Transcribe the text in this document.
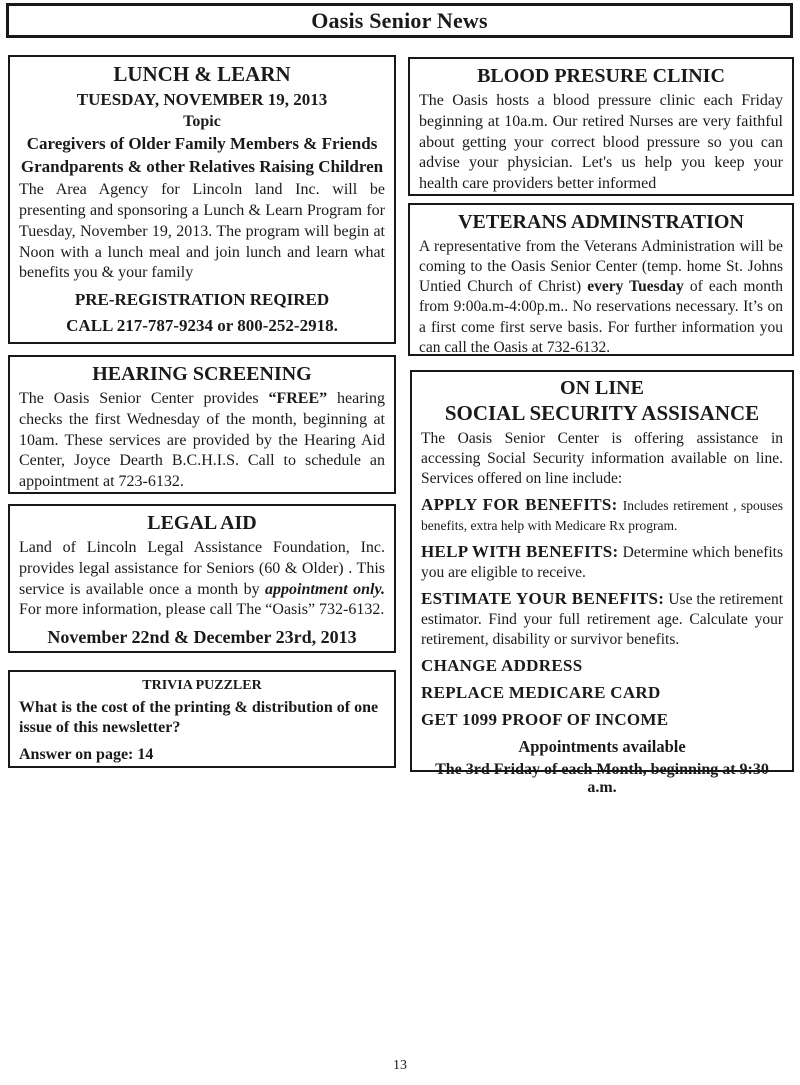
Oasis Senior News
LUNCH & LEARN
TUESDAY, NOVEMBER 19, 2013
Topic
Caregivers of Older Family Members & Friends
Grandparents & other Relatives Raising Children
The Area Agency for Lincoln land Inc. will be presenting and sponsoring a Lunch & Learn Program for Tuesday, November 19, 2013. The program will begin at Noon with a lunch meal and join lunch and learn what benefits you & your family
PRE-REGISTRATION REQIRED
CALL 217-787-9234 or 800-252-2918.
HEARING SCREENING
The Oasis Senior Center provides “FREE” hearing checks the first Wednesday of the month, beginning at 10am. These services are provided by the Hearing Aid Center, Joyce Dearth B.C.H.I.S. Call to schedule an appointment at 723-6132.
LEGAL AID
Land of Lincoln Legal Assistance Foundation, Inc. provides legal assistance for Seniors (60 & Older) . This service is available once a month by appointment only. For more information, please call The “Oasis” 732-6132.
November 22nd & December 23rd, 2013
TRIVIA PUZZLER
What is the cost of the printing & distribution of one issue of this newsletter?
Answer on page: 14
BLOOD PRESURE CLINIC
The Oasis hosts a blood pressure clinic each Friday beginning at 10a.m. Our retired Nurses are very faithful about getting your correct blood pressure so you can advise your physician. Let's us help you keep your health care providers better informed
VETERANS ADMINSTRATION
A representative from the Veterans Administration will be coming to the Oasis Senior Center (temp. home St. Johns Untied Church of Christ) every Tuesday of each month from 9:00a.m-4:00p.m.. No reservations necessary. It’s on a first come first serve basis. For further information you can call the Oasis at 732-6132.
ON LINE
SOCIAL SECURITY ASSISANCE
The Oasis Senior Center is offering assistance in accessing Social Security information available on line. Services offered on line include:
APPLY FOR BENEFITS: Includes retirement , spouses benefits, extra help with Medicare Rx program.
HELP WITH BENEFITS: Determine which benefits you are eligible to receive.
ESTIMATE YOUR BENEFITS: Use the retirement estimator. Find your full retirement age. Calculate your retirement, disability or survivor benefits.
CHANGE ADDRESS
REPLACE MEDICARE CARD
GET 1099 PROOF OF INCOME
Appointments available
The 3rd Friday of each Month, beginning at 9:30 a.m.
13
